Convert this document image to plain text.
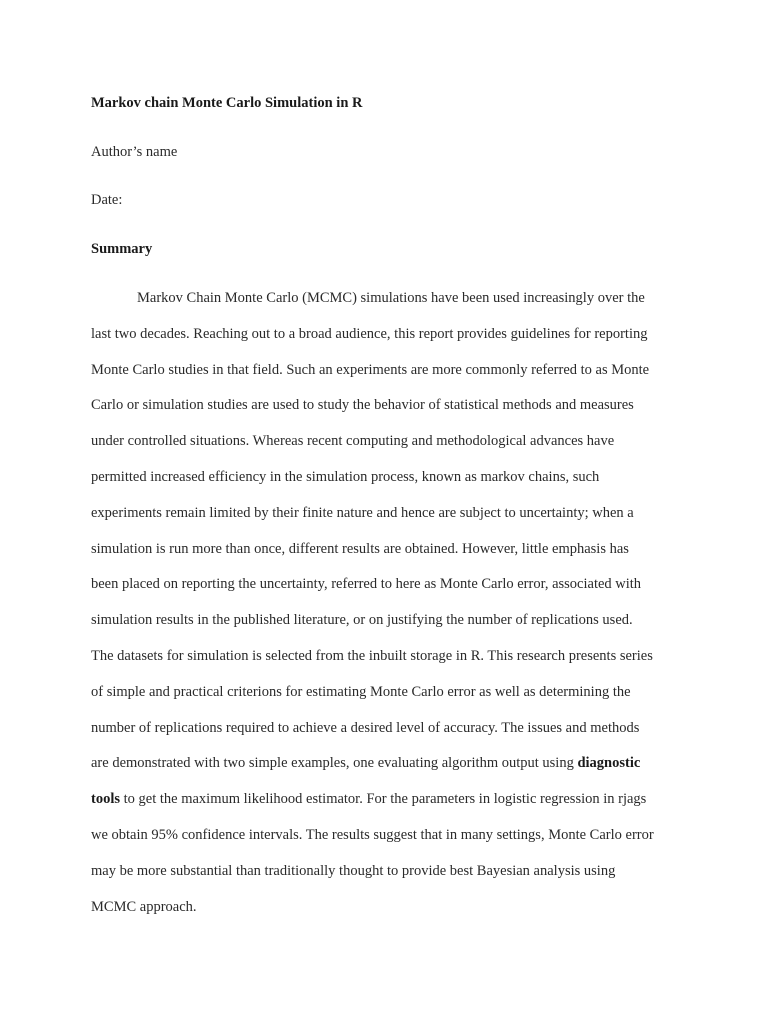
Markov chain Monte Carlo Simulation in R
Author’s name
Date:
Summary
Markov Chain Monte Carlo (MCMC) simulations have been used increasingly over the
last two decades. Reaching out to a broad audience, this report provides guidelines for reporting
Monte Carlo studies in that field. Such an experiments are more commonly referred to as Monte
Carlo or simulation studies are used to study the behavior of statistical methods and measures
under controlled situations. Whereas recent computing and methodological advances have
permitted increased efficiency in the simulation process, known as markov chains, such
experiments remain limited by their finite nature and hence are subject to uncertainty; when a
simulation is run more than once, different results are obtained. However, little emphasis has
been placed on reporting the uncertainty, referred to here as Monte Carlo error, associated with
simulation results in the published literature, or on justifying the number of replications used.
The datasets for simulation is selected from the inbuilt storage in R. This research presents series
of simple and practical criterions for estimating Monte Carlo error as well as determining the
number of replications required to achieve a desired level of accuracy. The issues and methods
are demonstrated with two simple examples, one evaluating algorithm output using diagnostic
tools to get the maximum likelihood estimator. For the parameters in logistic regression in rjags
we obtain 95% confidence intervals. The results suggest that in many settings, Monte Carlo error
may be more substantial than traditionally thought to provide best Bayesian analysis using
MCMC approach.
